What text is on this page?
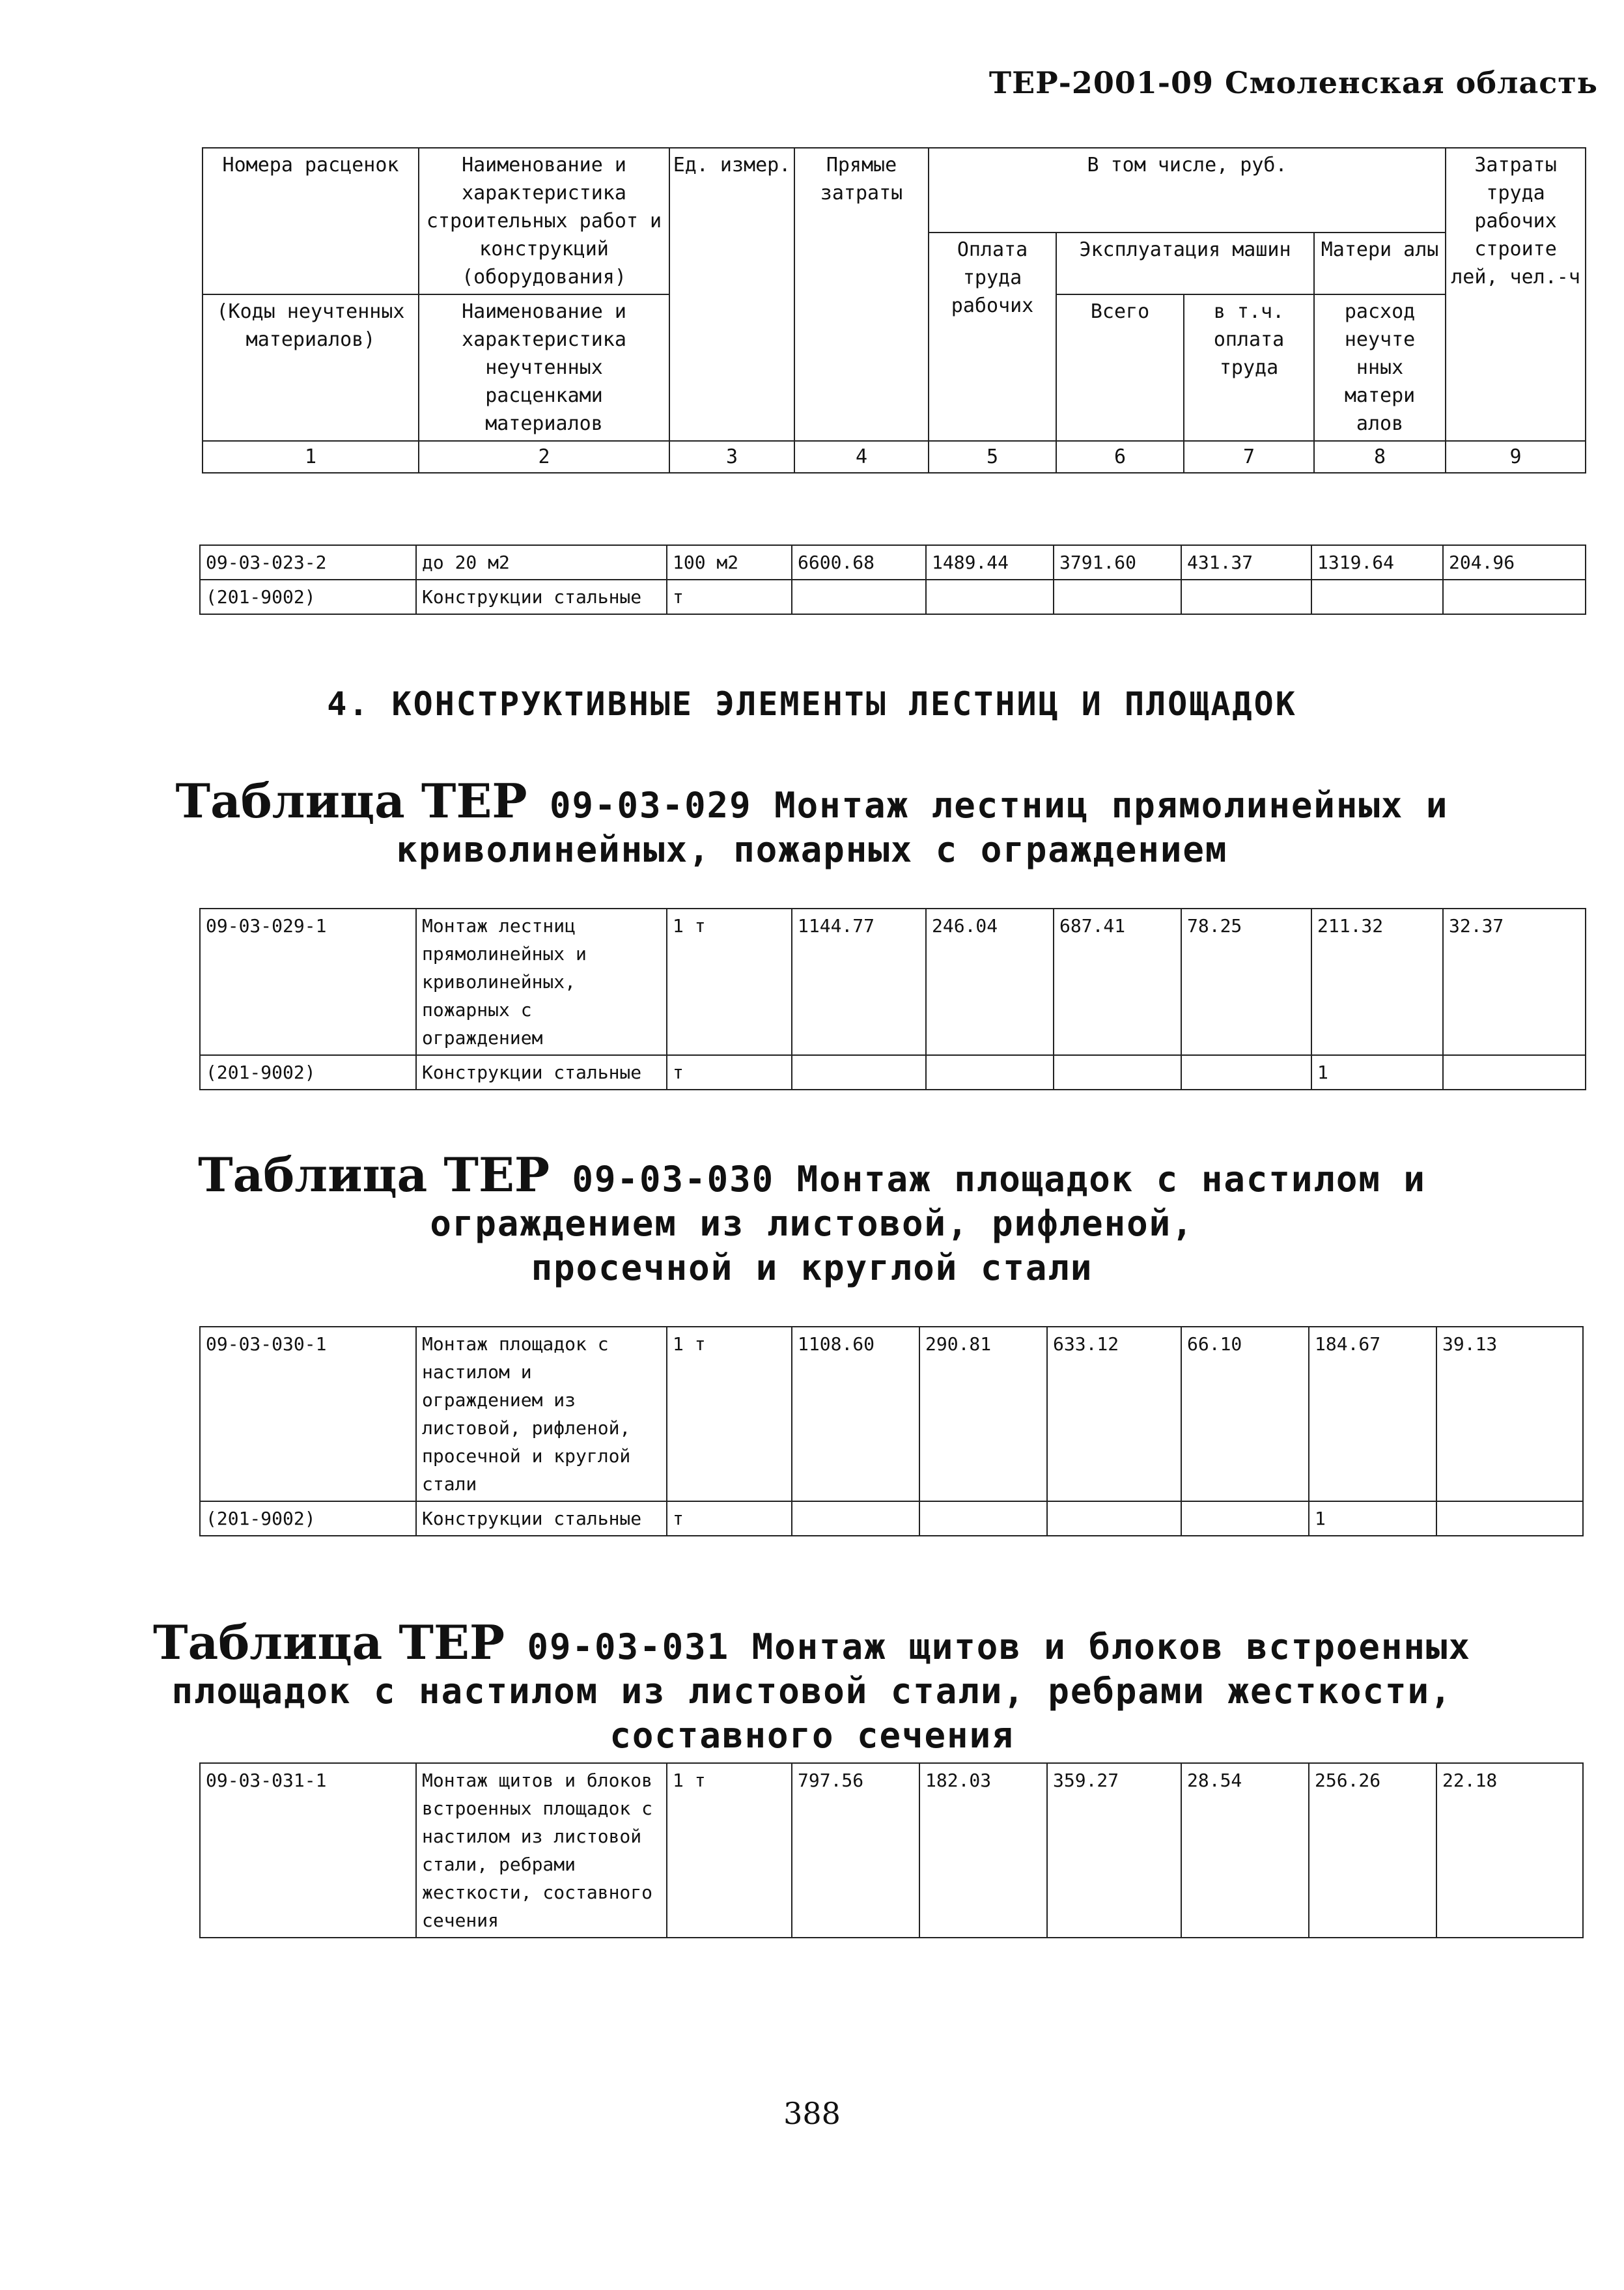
ТЕР-2001-09 Смоленская область
Номера расценок	Наименование и характеристика строительных работ и конструкций (оборудования)	Ед. измер.	Прямые затраты	В том числе, руб.				Затраты труда рабочих строите лей, чел.-ч
				Оплата труда рабочих	Эксплуатация машин		Матери алы	
(Коды неучтенных материалов)	Наименование и характеристика неучтенных расценками материалов				Всего	в т.ч. оплата труда	расход неучте нных матери алов	

1	2	3	4	5	6	7	8	9
09-03-023-2	до 20 м2	100 м2	6600.68	1489.44	3791.60	431.37	1319.64	204.96
(201-9002)	Конструкции стальные	т						
4. КОНСТРУКТИВНЫЕ ЭЛЕМЕНТЫ ЛЕСТНИЦ И ПЛОЩАДОК
Таблица ТЕР 09-03-029 Монтаж лестниц прямолинейных и
криволинейных, пожарных с ограждением
09-03-029-1	Монтаж лестниц прямолинейных и криволинейных, пожарных с ограждением	1 т	1144.77	246.04	687.41	78.25	211.32	32.37
(201-9002)	Конструкции стальные	т					1	
Таблица ТЕР 09-03-030 Монтаж площадок с настилом и
ограждением из листовой, рифленой,
просечной и круглой стали
09-03-030-1	Монтаж площадок с настилом и ограждением из листовой, рифленой, просечной и круглой стали	1 т	1108.60	290.81	633.12	66.10	184.67	39.13
(201-9002)	Конструкции стальные	т					1	
Таблица ТЕР 09-03-031 Монтаж щитов и блоков встроенных
площадок с настилом из листовой стали, ребрами жесткости,
составного сечения
09-03-031-1	Монтаж щитов и блоков встроенных площадок с настилом из листовой стали, ребрами жесткости, составного сечения	1 т	797.56	182.03	359.27	28.54	256.26	22.18
388
